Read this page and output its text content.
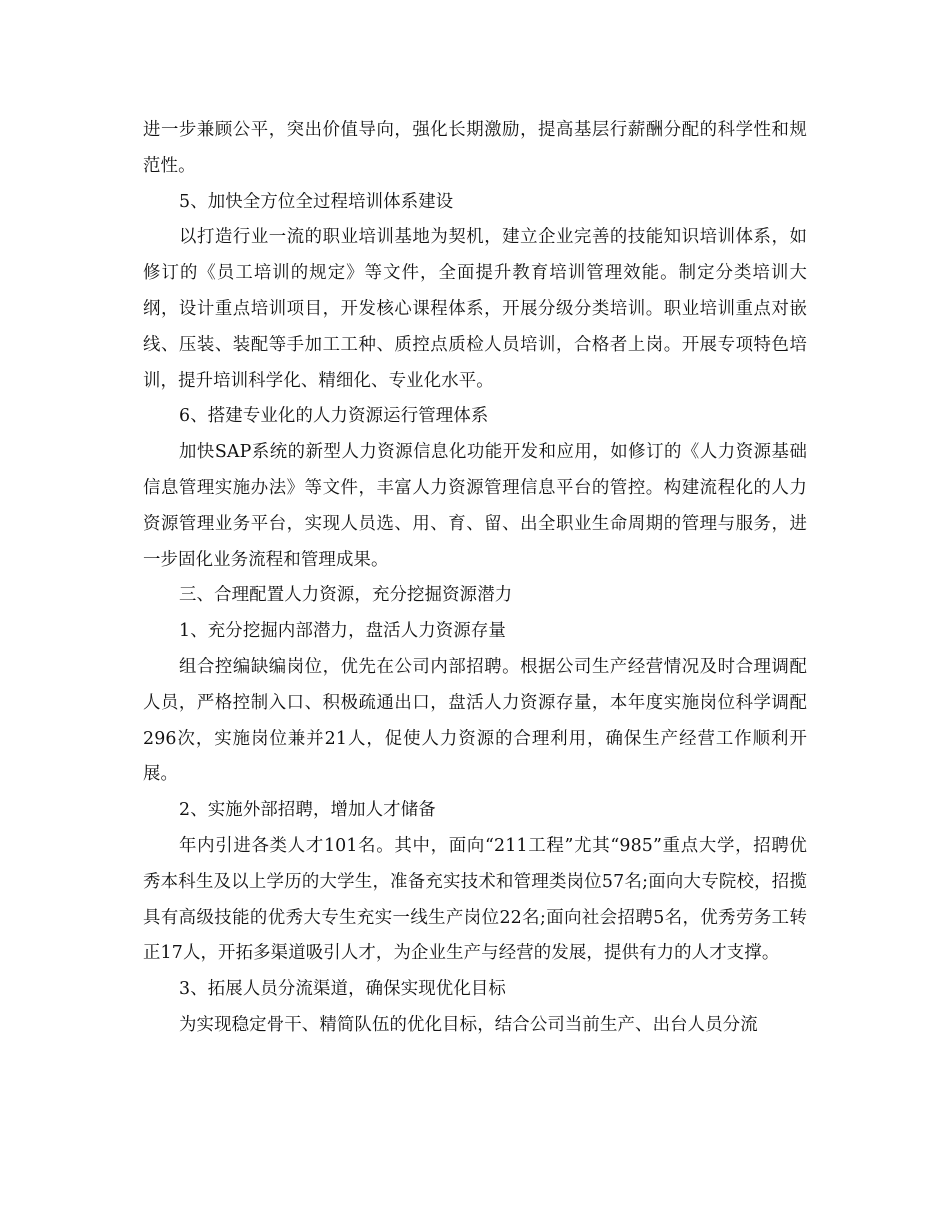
进一步兼顾公平，突出价值导向，强化长期激励，提高基层行薪酬分配的科学性和规范性。

5、加快全方位全过程培训体系建设

以打造行业一流的职业培训基地为契机，建立企业完善的技能知识培训体系，如修订的《员工培训的规定》等文件，全面提升教育培训管理效能。制定分类培训大纲，设计重点培训项目，开发核心课程体系，开展分级分类培训。职业培训重点对嵌线、压装、装配等手加工工种、质控点质检人员培训，合格者上岗。开展专项特色培训，提升培训科学化、精细化、专业化水平。

6、搭建专业化的人力资源运行管理体系

加快SAP系统的新型人力资源信息化功能开发和应用，如修订的《人力资源基础信息管理实施办法》等文件，丰富人力资源管理信息平台的管控。构建流程化的人力资源管理业务平台，实现人员选、用、育、留、出全职业生命周期的管理与服务，进一步固化业务流程和管理成果。

三、合理配置人力资源，充分挖掘资源潜力

1、充分挖掘内部潜力，盘活人力资源存量

组合控编缺编岗位，优先在公司内部招聘。根据公司生产经营情况及时合理调配人员，严格控制入口、积极疏通出口，盘活人力资源存量，本年度实施岗位科学调配296次，实施岗位兼并21人，促使人力资源的合理利用，确保生产经营工作顺利开展。

2、实施外部招聘，增加人才储备

年内引进各类人才101名。其中，面向“211工程”尤其“985”重点大学，招聘优秀本科生及以上学历的大学生，准备充实技术和管理类岗位57名;面向大专院校，招揽具有高级技能的优秀大专生充实一线生产岗位22名;面向社会招聘5名，优秀劳务工转正17人，开拓多渠道吸引人才，为企业生产与经营的发展，提供有力的人才支撑。

3、拓展人员分流渠道，确保实现优化目标

为实现稳定骨干、精简队伍的优化目标，结合公司当前生产、出台人员分流
